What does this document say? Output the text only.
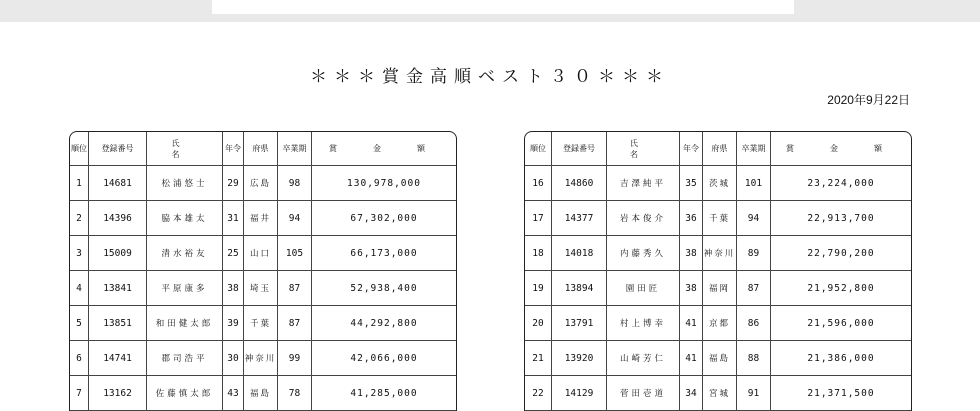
＊＊＊賞金高順ベスト３０＊＊＊
2020年9月22日
順位	登録番号	氏　名	年令	府県	卒業期	賞　金　額
1	14681	松浦悠士	29	広島	98	130,978,000
2	14396	脇本雄太	31	福井	94	67,302,000
3	15009	清水裕友	25	山口	105	66,173,000
4	13841	平原康多	38	埼玉	87	52,938,400
5	13851	和田健太郎	39	千葉	87	44,292,800
6	14741	郡司浩平	30	神奈川	99	42,066,000
7	13162	佐藤慎太郎	43	福島	78	41,285,000
順位	登録番号	氏　名	年令	府県	卒業期	賞　金　額
16	14860	吉澤純平	35	茨城	101	23,224,000
17	14377	岩本俊介	36	千葉	94	22,913,700
18	14018	内藤秀久	38	神奈川	89	22,790,200
19	13894	園田匠	38	福岡	87	21,952,800
20	13791	村上博幸	41	京都	86	21,596,000
21	13920	山崎芳仁	41	福島	88	21,386,000
22	14129	菅田壱道	34	宮城	91	21,371,500
